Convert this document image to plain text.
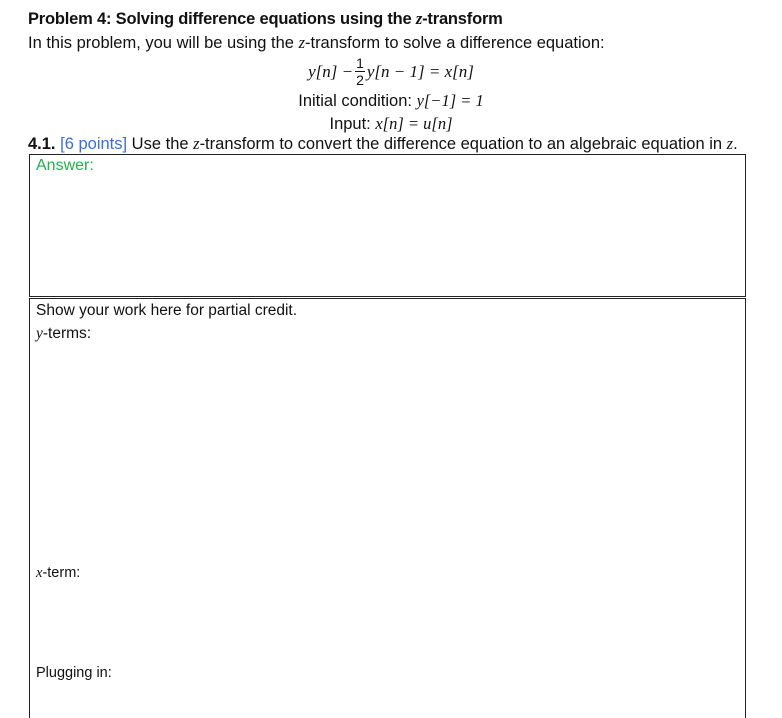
Problem 4: Solving difference equations using the z-transform
In this problem, you will be using the z-transform to solve a difference equation:
$y[n] - \frac{1}{2} y[n - 1] = x[n]$
Initial condition: y[−1] = 1
Input: x[n] = u[n]
4.1. [6 points] Use the z-transform to convert the difference equation to an algebraic equation in z.
Answer:
Show your work here for partial credit.
y-terms:
x-term:
Plugging in:
